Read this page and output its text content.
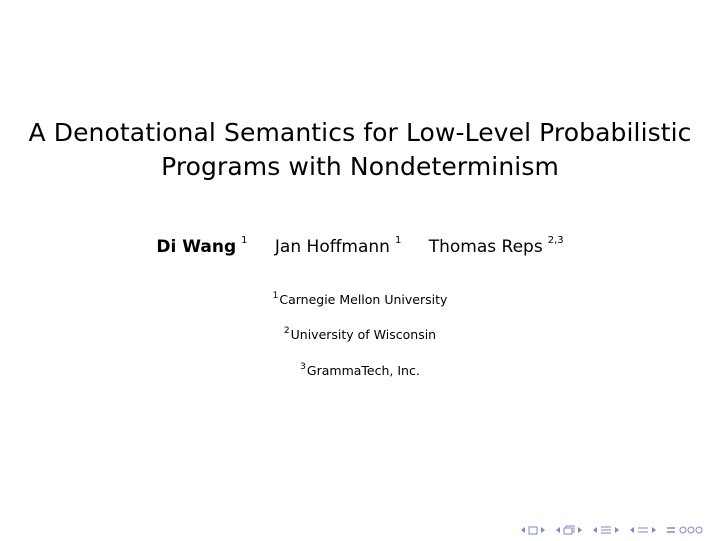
A Denotational Semantics for Low-Level Probabilistic
Programs with Nondeterminism
Di Wang $^1$ Jan Hoffmann $^1$ Thomas Reps $^{2,3}$
$^1$Carnegie Mellon University
$^2$University of Wisconsin
$^3$GrammaTech, Inc.
